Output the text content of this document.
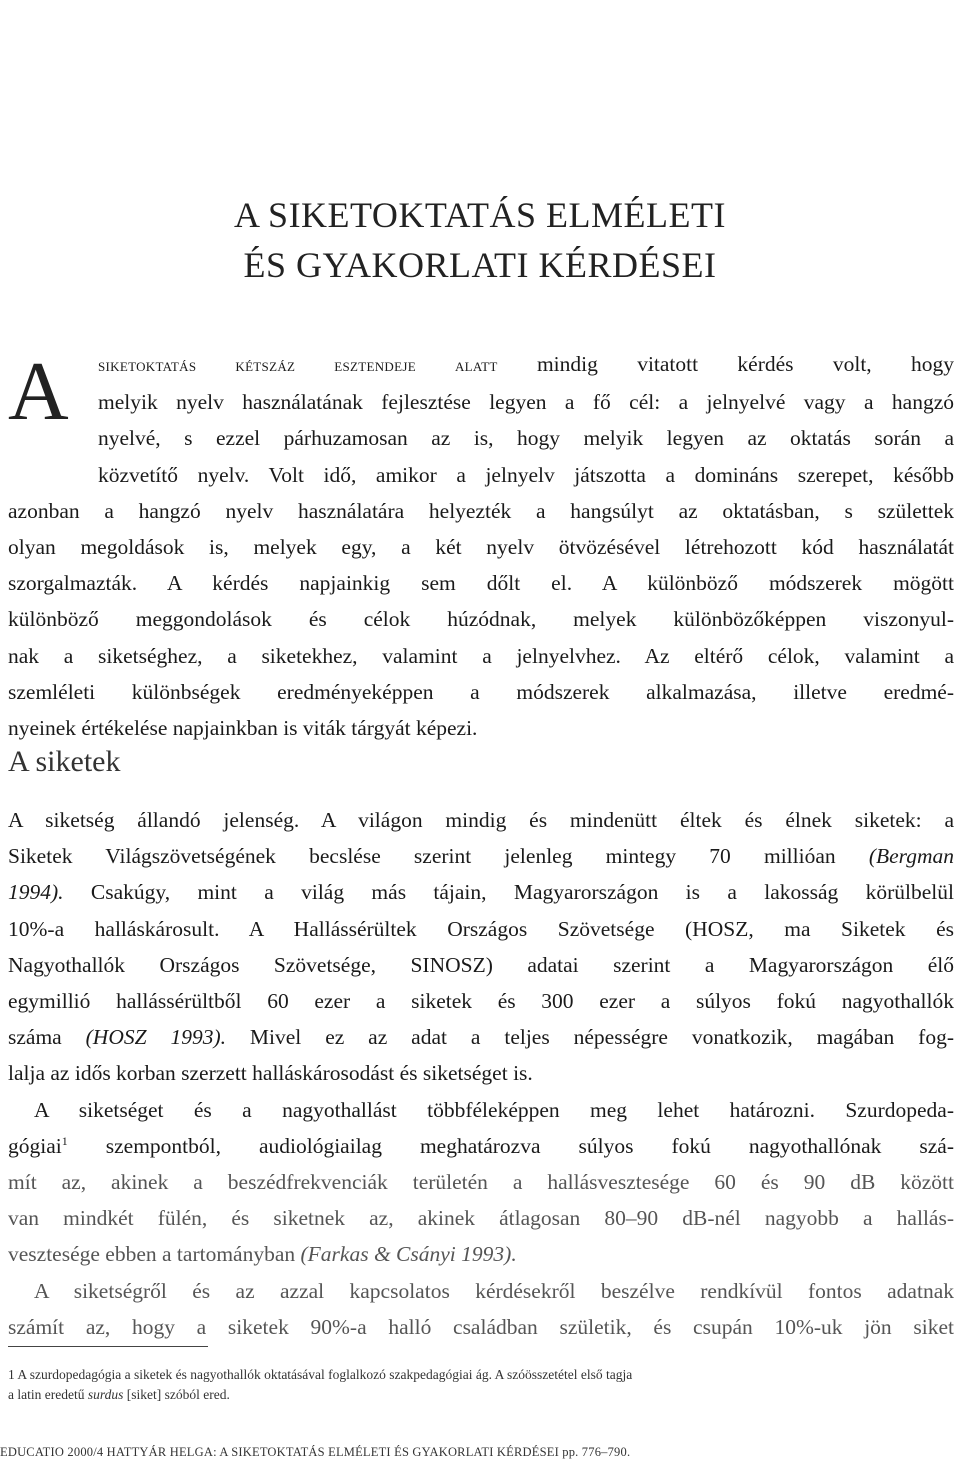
A SIKETOKTATÁS ELMÉLETI
ÉS GYAKORLATI KÉRDÉSEI
A	siketoktatás kétszáz esztendeje alatt mindig vitatott kérdés volt, hogy
melyik nyelv használatának fejlesztése legyen a fő cél: a jelnyelvé vagy a hangzó
nyelvé, s ezzel párhuzamosan az is, hogy melyik legyen az oktatás során a
közvetítő nyelv. Volt idő, amikor a jelnyelv játszotta a domináns szerepet, később
azonban a hangzó nyelv használatára helyezték a hangsúlyt az oktatásban, s születtek
olyan megoldások is, melyek egy, a két nyelv ötvözésével létrehozott kód használatát
szorgalmazták. A kérdés napjainkig sem dőlt el. A különböző módszerek mögött
különböző meggondolások és célok húzódnak, melyek különbözőképpen viszonyul-
nak a siketséghez, a siketekhez, valamint a jelnyelvhez. Az eltérő célok, valamint a
szemléleti különbségek eredményeképpen a módszerek alkalmazása, illetve eredmé-
nyeinek értékelése napjainkban is viták tárgyát képezi.
A siketek
A siketség állandó jelenség. A világon mindig és mindenütt éltek és élnek siketek: a
Siketek Világszövetségének becslése szerint jelenleg mintegy 70 millióan (Bergman
1994). Csakúgy, mint a világ más tájain, Magyarországon is a lakosság körülbelül
10%-a halláskárosult. A Hallássérültek Országos Szövetsége (HOSZ, ma Siketek és
Nagyothallók Országos Szövetsége, SINOSZ) adatai szerint a Magyarországon élő
egymillió hallássérültből 60 ezer a siketek és 300 ezer a súlyos fokú nagyothallók
száma (HOSZ 1993). Mivel ez az adat a teljes népességre vonatkozik, magában fog-
lalja az idős korban szerzett halláskárosodást és siketséget is.
A siketséget és a nagyothallást többféleképpen meg lehet határozni. Szurdopeda-
gógiai$^1$ szempontból, audiológiailag meghatározva súlyos fokú nagyothallónak szá-
mít az, akinek a beszédfrekvenciák területén a hallásvesztesége 60 és 90 dB között
van mindkét fülén, és siketnek az, akinek átlagosan 80–90 dB-nél nagyobb a hallás-
vesztesége ebben a tartományban (Farkas & Csányi 1993).
A siketségről és az azzal kapcsolatos kérdésekről beszélve rendkívül fontos adatnak
számít az, hogy a siketek 90%-a halló családban születik, és csupán 10%-uk jön siket
1 A szurdopedagógia a siketek és nagyothallók oktatásával foglalkozó szakpedagógiai ág. A szóösszetétel első tagja
a latin eredetű surdus [siket] szóból ered.
EDUCATIO 2000/4 HATTYÁR HELGA: A SIKETOKTATÁS ELMÉLETI ÉS GYAKORLATI KÉRDÉSEI pp. 776–790.
